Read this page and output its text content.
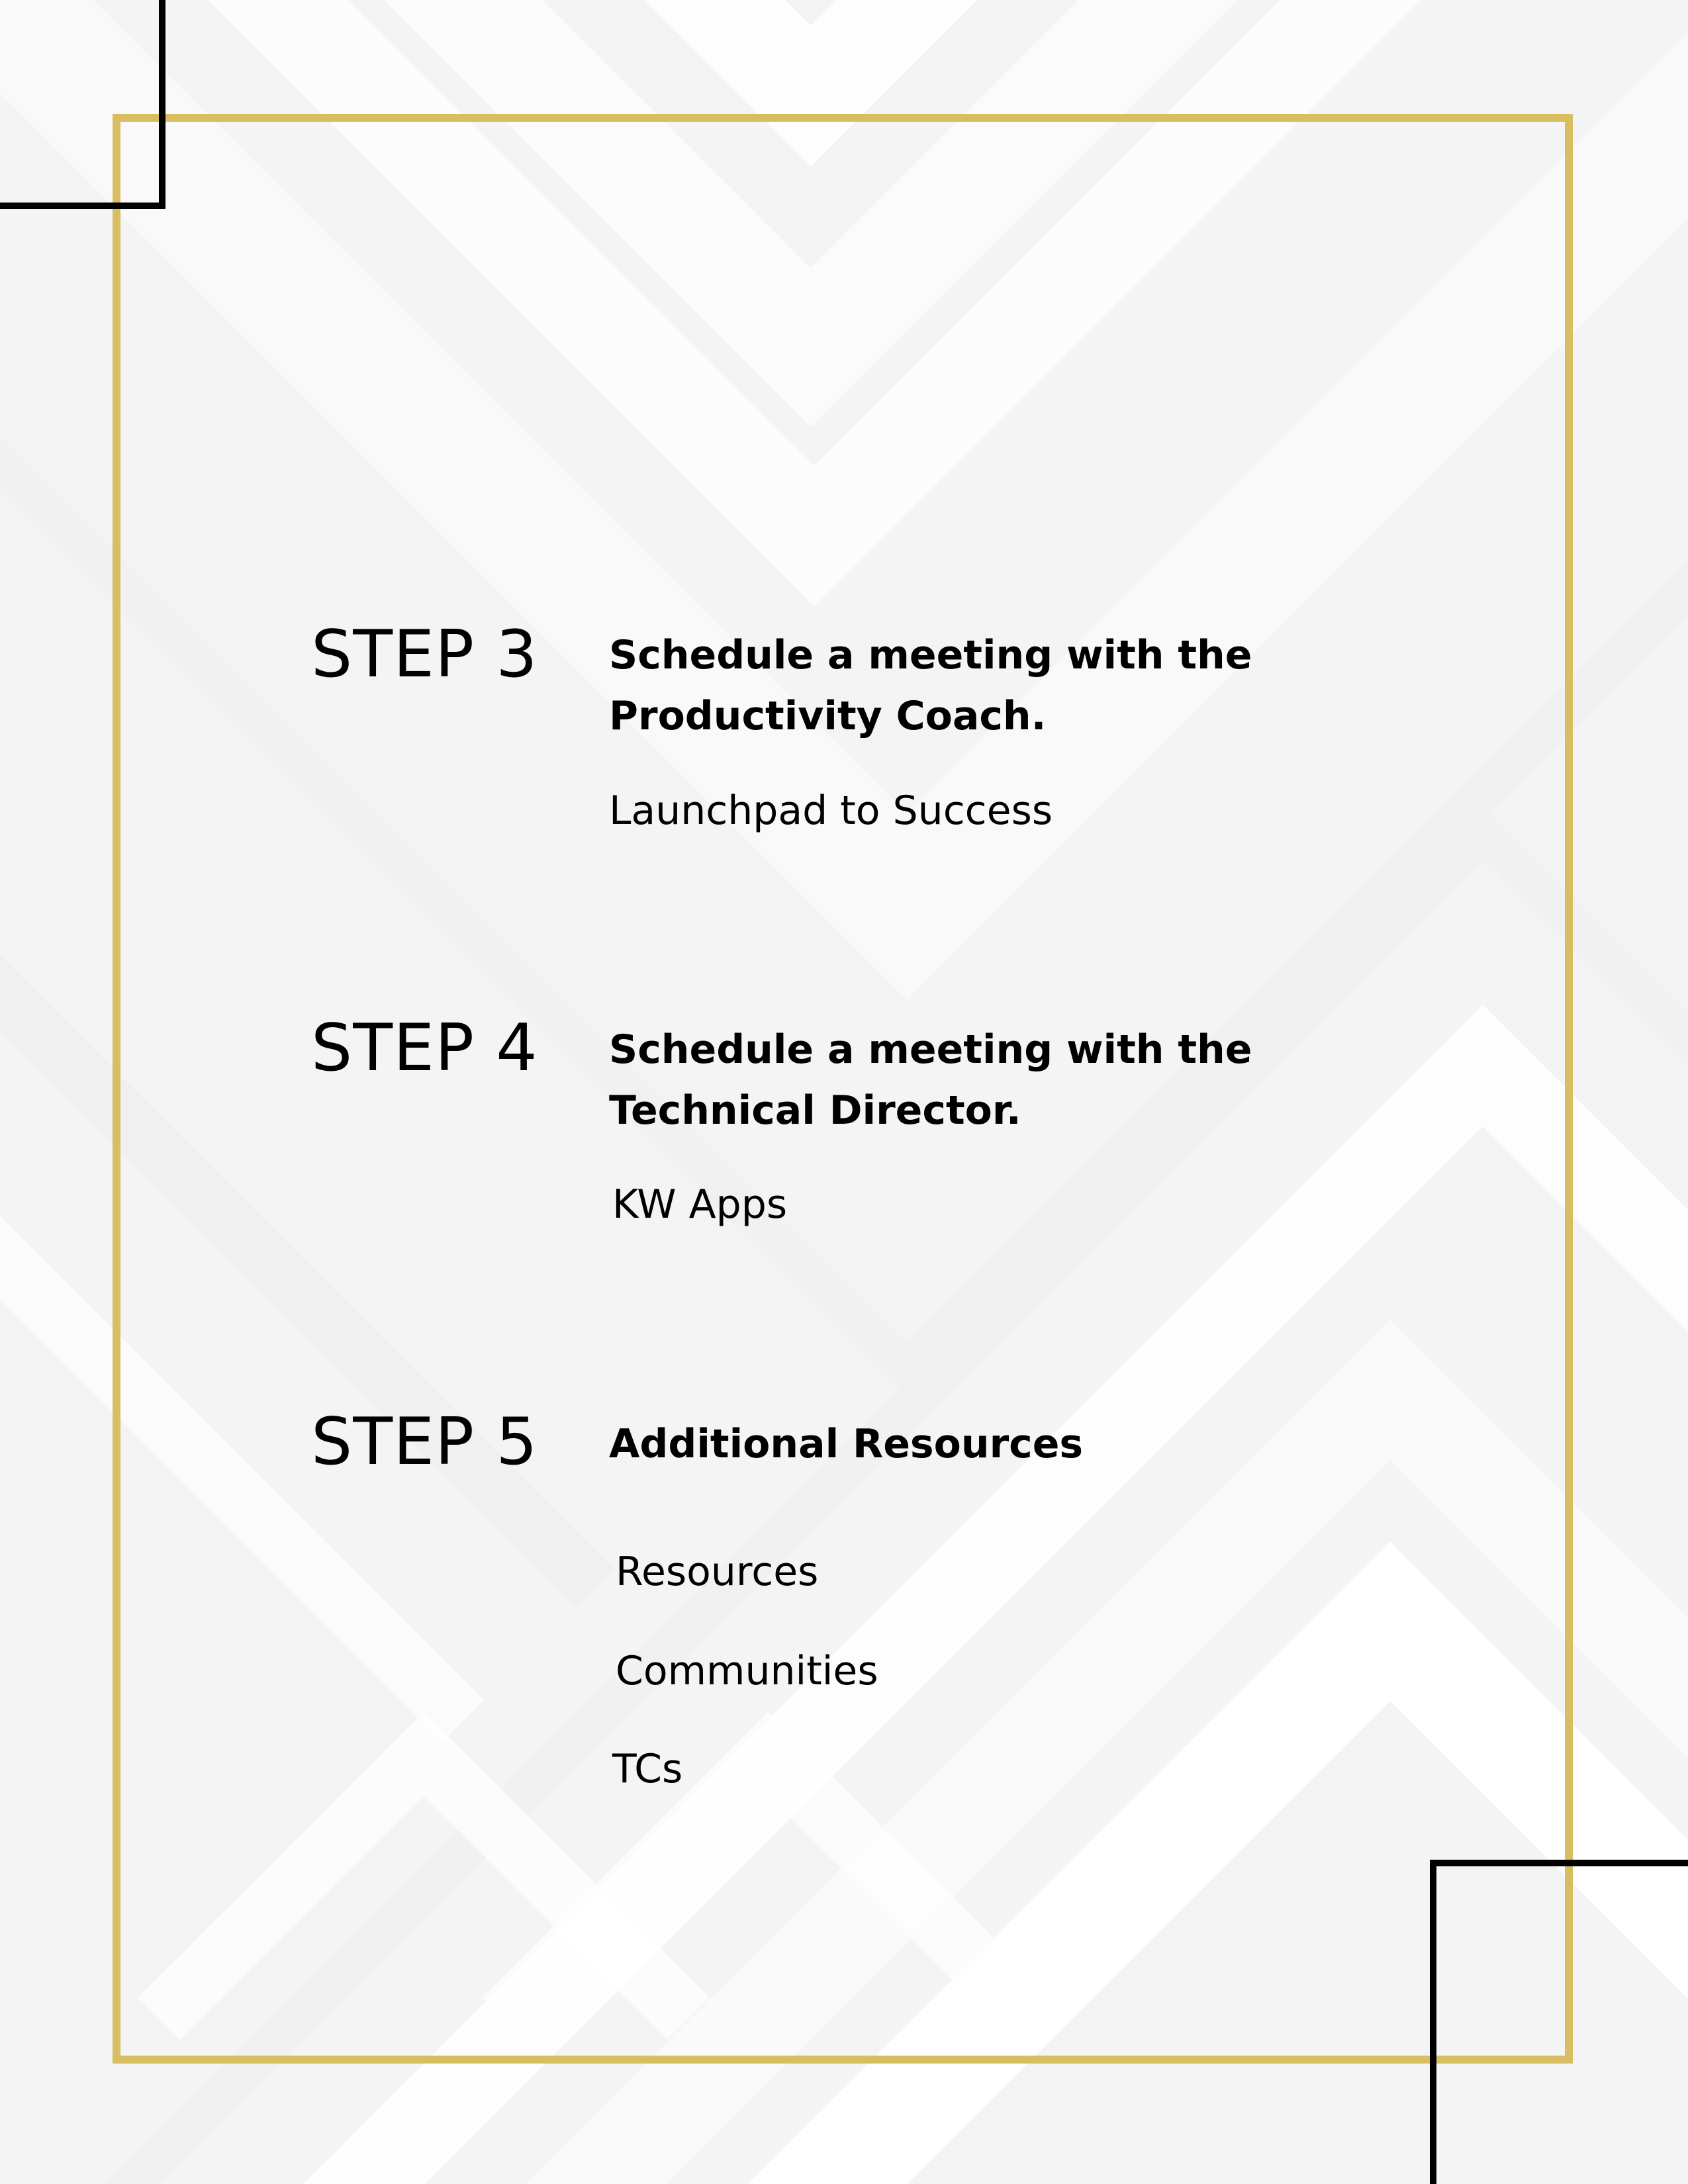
STEP 3 Schedule a meeting with the Productivity Coach.
Launchpad to Success
STEP 4 Schedule a meeting with the Technical Director.
KW Apps
STEP 5 Additional Resources
Resources
Communities
TCs
